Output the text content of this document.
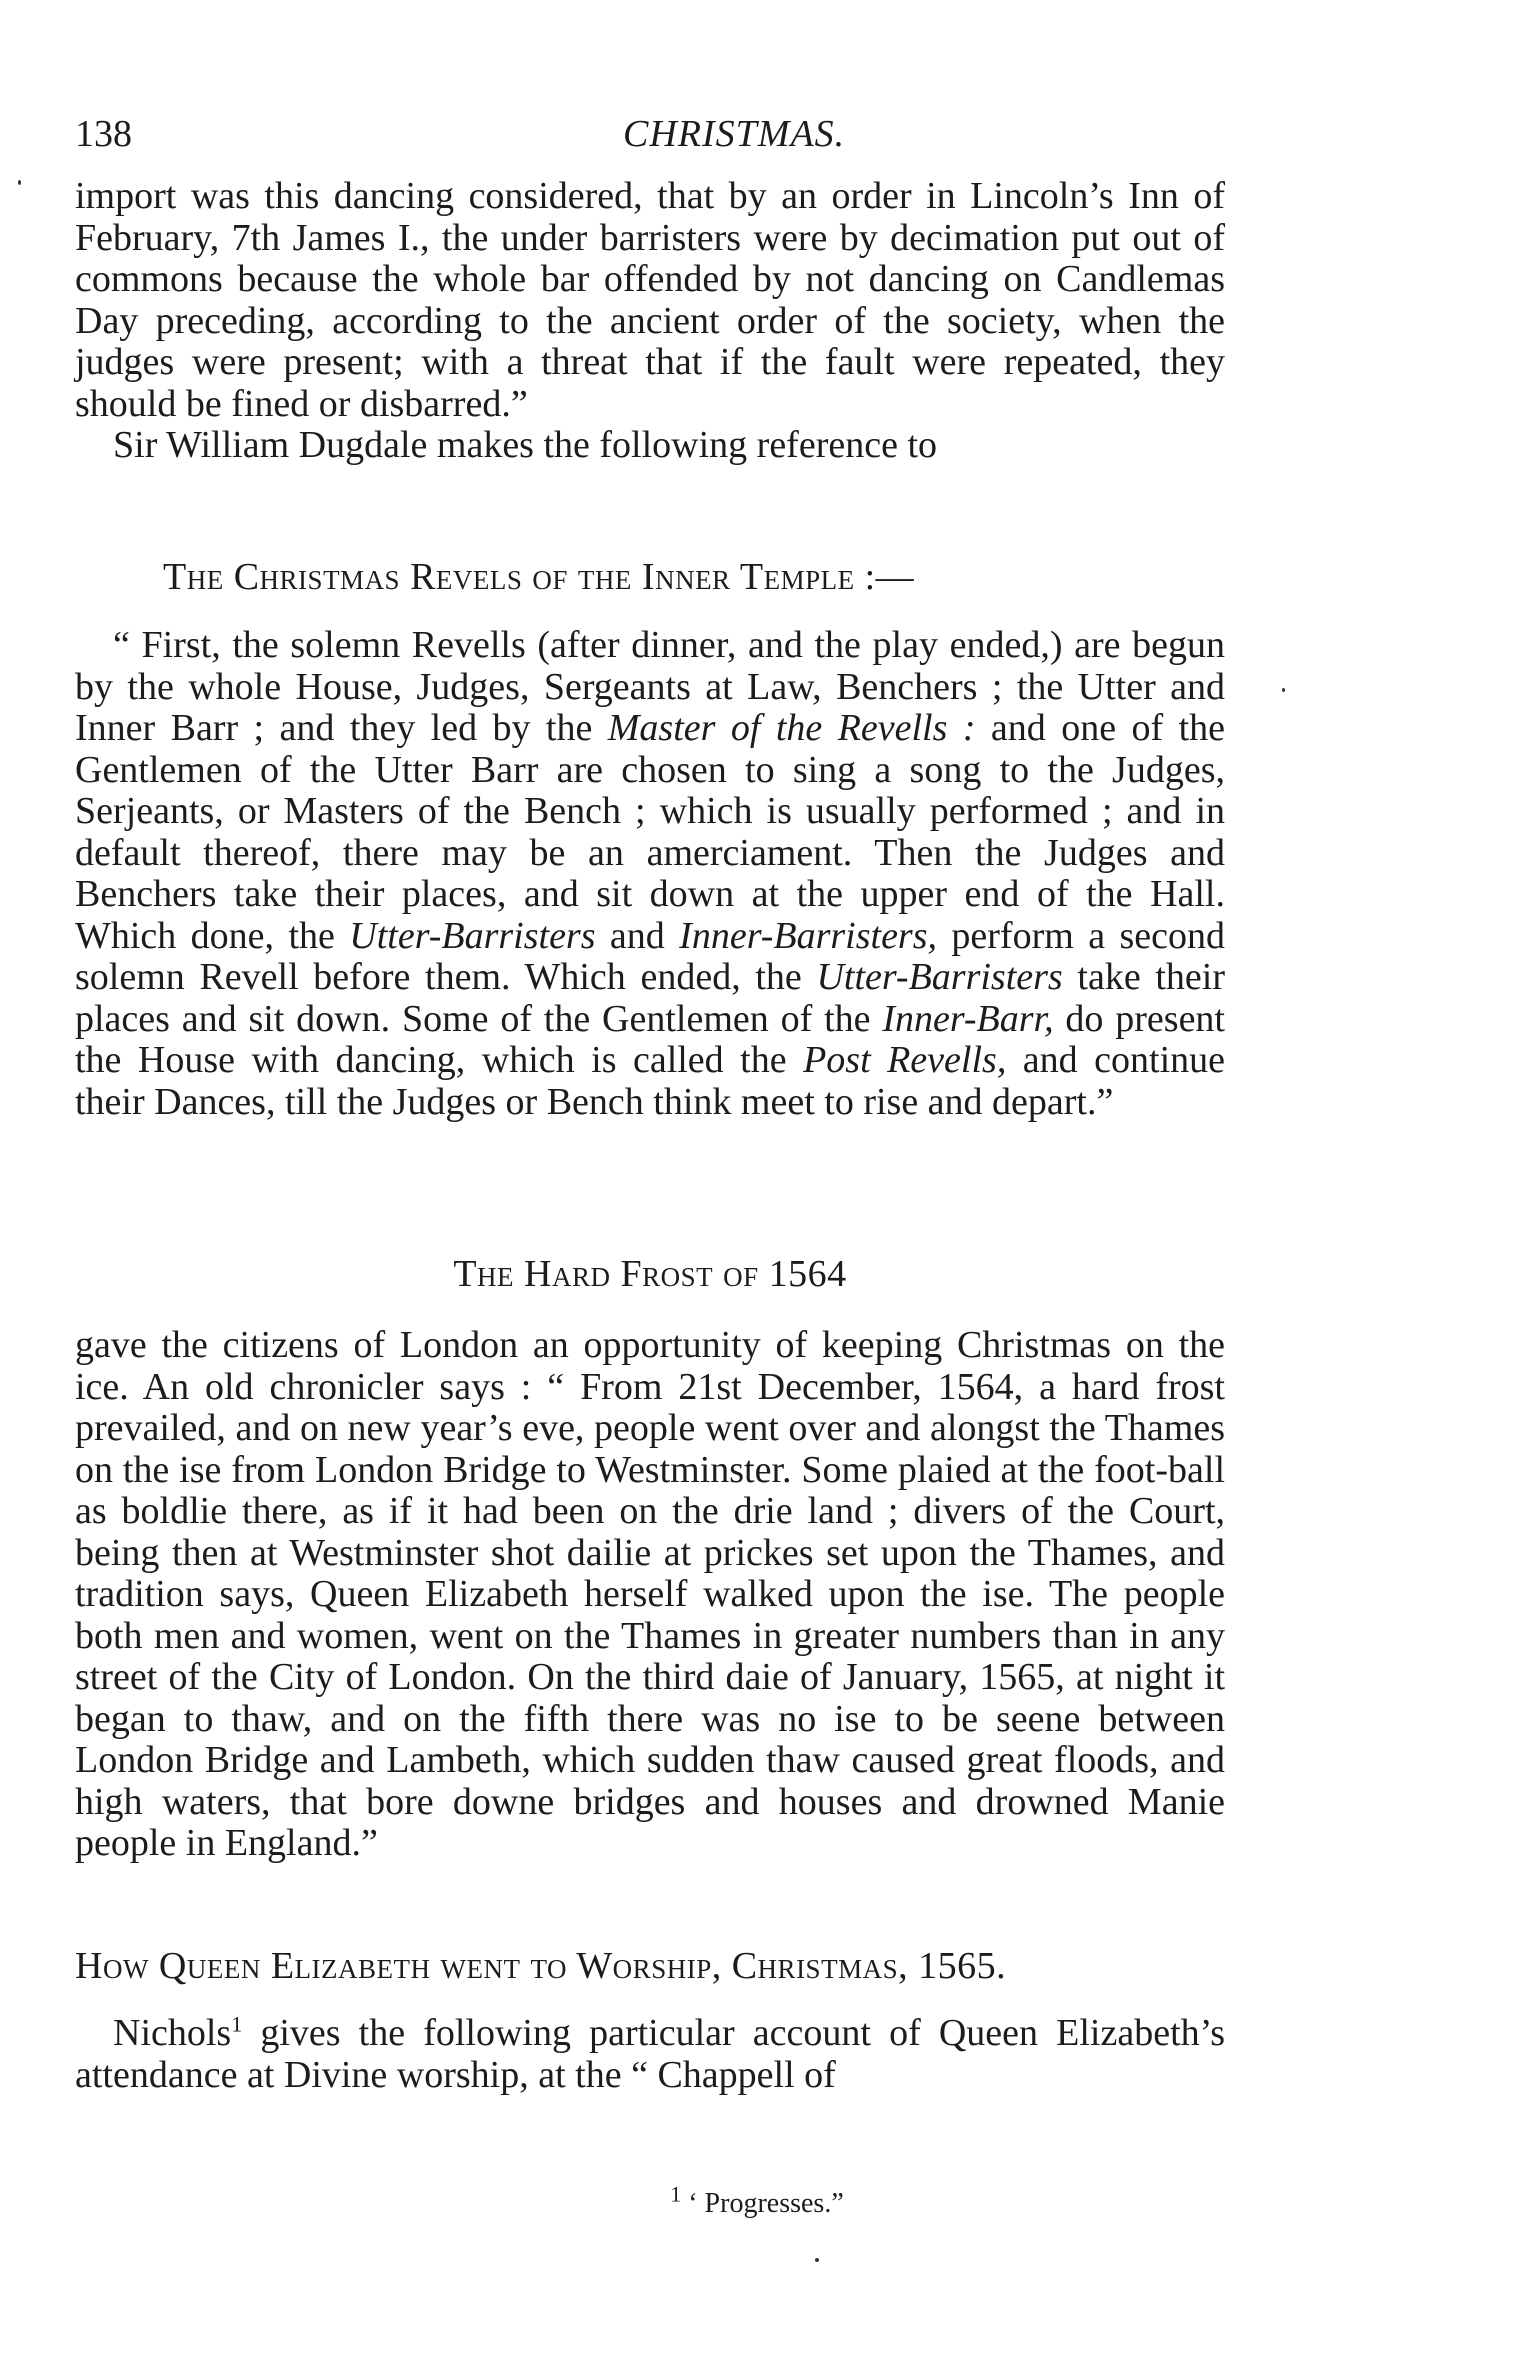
138	CHRISTMAS.

import was this dancing considered, that by an order in Lincoln’s Inn of February, 7th James I., the under barristers were by decimation put out of commons because the whole bar offended by not dancing on Candlemas Day preceding, according to the ancient order of the society, when the judges were present; with a threat that if the fault were repeated, they should be fined or disbarred.”

Sir William Dugdale makes the following reference to

The Christmas Revels of the Inner Temple :—

“ First, the solemn Revells (after dinner, and the play ended,) are begun by the whole House, Judges, Sergeants at Law, Benchers ; the Utter and Inner Barr ; and they led by the Master of the Revells : and one of the Gentlemen of the Utter Barr are chosen to sing a song to the Judges, Serjeants, or Masters of the Bench ; which is usually performed ; and in default thereof, there may be an amerciament. Then the Judges and Benchers take their places, and sit down at the upper end of the Hall. Which done, the Utter-Barristers and Inner-Barristers, perform a second solemn Revell before them. Which ended, the Utter-Barristers take their places and sit down. Some of the Gentlemen of the Inner-Barr, do present the House with dancing, which is called the Post Revells, and continue their Dances, till the Judges or Bench think meet to rise and depart.”

The Hard Frost of 1564

gave the citizens of London an opportunity of keeping Christmas on the ice. An old chronicler says : “ From 21st December, 1564, a hard frost prevailed, and on new year’s eve, people went over and alongst the Thames on the ise from London Bridge to Westminster. Some plaied at the foot-ball as boldlie there, as if it had been on the drie land ; divers of the Court, being then at Westminster shot dailie at prickes set upon the Thames, and tradition says, Queen Elizabeth herself walked upon the ise. The people both men and women, went on the Thames in greater numbers than in any street of the City of London. On the third daie of January, 1565, at night it began to thaw, and on the fifth there was no ise to be seene between London Bridge and Lambeth, which sudden thaw caused great floods, and high waters, that bore downe bridges and houses and drowned Manie people in England.”

How Queen Elizabeth went to Worship, Christmas, 1565.

Nichols$^1$ gives the following particular account of Queen Elizabeth’s attendance at Divine worship, at the “ Chappell of

$^1$ ‘ Progresses.”
